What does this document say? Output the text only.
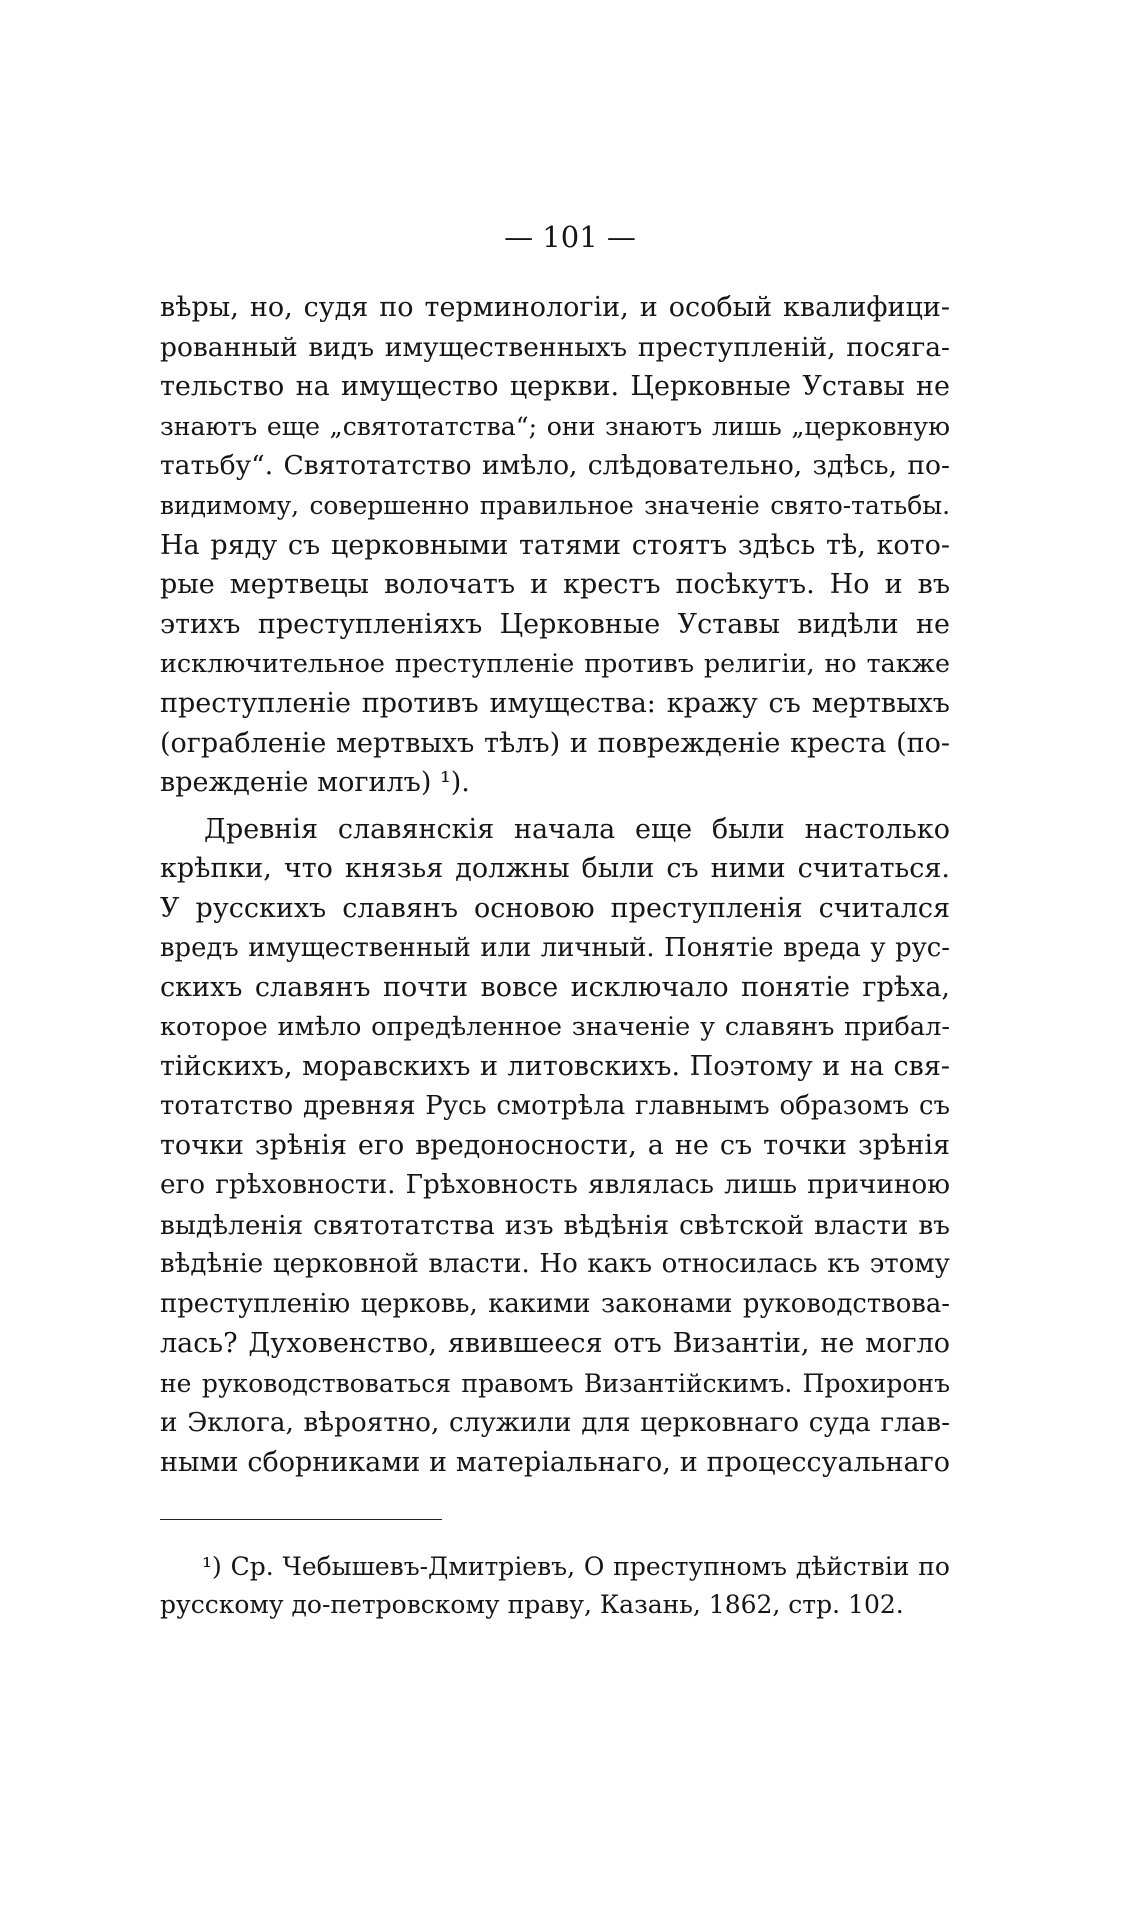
— 101 —
вѣры, но, судя по терминологіи, и особый квалифици-
рованный видъ имущественныхъ преступленій, посяга-
тельство на имущество церкви. Церковные Уставы не
знаютъ еще „святотатства“; они знаютъ лишь „церковную
татьбу“. Святотатство имѣло, слѣдовательно, здѣсь, по-
видимому, совершенно правильное значеніе свято-татьбы.
На ряду съ церковными татями стоятъ здѣсь тѣ, кото-
рые мертвецы волочатъ и крестъ посѣкутъ. Но и въ
этихъ преступленіяхъ Церковные Уставы видѣли не
исключительное преступленіе противъ религіи, но также
преступленіе противъ имущества: кражу съ мертвыхъ
(ограбленіе мертвыхъ тѣлъ) и поврежденіе креста (по-
врежденіе могилъ) ¹).
Древнія славянскія начала еще были настолько
крѣпки, что князья должны были съ ними считаться.
У русскихъ славянъ основою преступленія считался
вредъ имущественный или личный. Понятіе вреда у рус-
скихъ славянъ почти вовсе исключало понятіе грѣха,
которое имѣло опредѣленное значеніе у славянъ прибал-
тійскихъ, моравскихъ и литовскихъ. Поэтому и на свя-
тотатство древняя Русь смотрѣла главнымъ образомъ съ
точки зрѣнія его вредоносности, а не съ точки зрѣнія
его грѣховности. Грѣховность являлась лишь причиною
выдѣленія святотатства изъ вѣдѣнія свѣтской власти въ
вѣдѣніе церковной власти. Но какъ относилась къ этому
преступленію церковь, какими законами руководствова-
лась? Духовенство, явившееся отъ Византіи, не могло
не руководствоваться правомъ Византійскимъ. Прохиронъ
и Эклога, вѣроятно, служили для церковнаго суда глав-
ными сборниками и матеріальнаго, и процессуальнаго
¹) Ср. Чебышевъ-Дмитріевъ, О преступномъ дѣйствіи по
русскому до-петровскому праву, Казань, 1862, стр. 102.
